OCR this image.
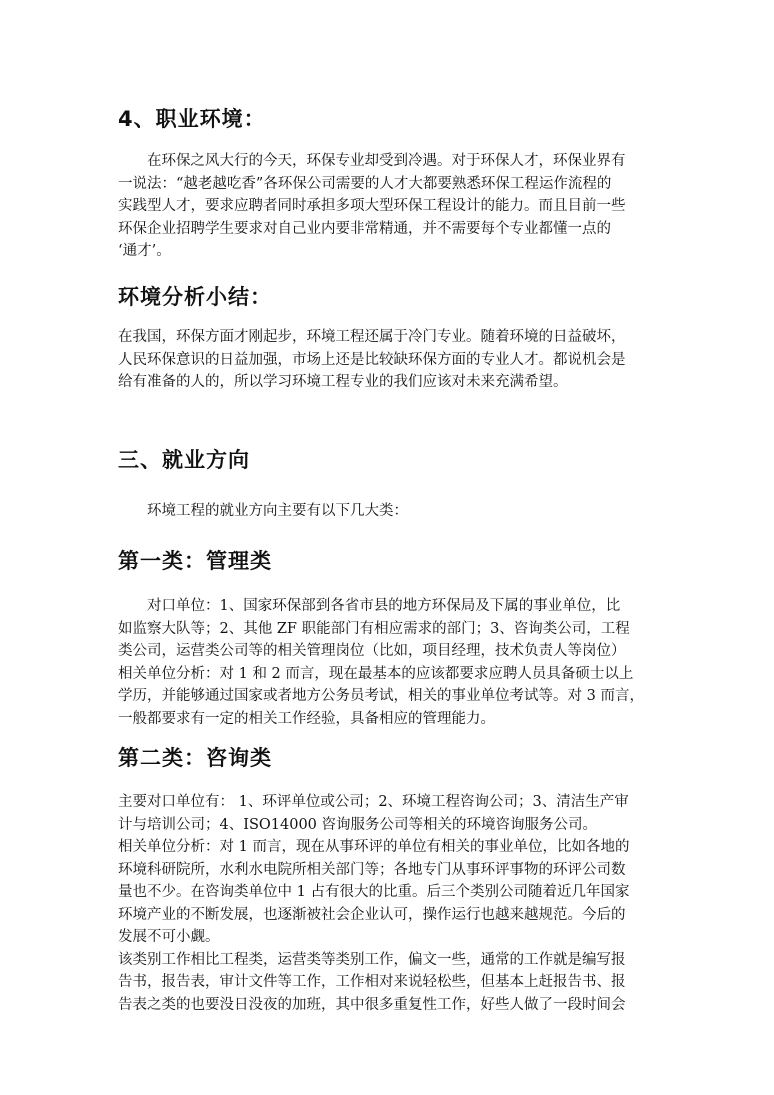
4、职业环境：
在环保之风大行的今天，环保专业却受到冷遇。对于环保人才，环保业界有
一说法：“越老越吃香”各环保公司需要的人才大都要熟悉环保工程运作流程的
实践型人才，要求应聘者同时承担多项大型环保工程设计的能力。而且目前一些
环保企业招聘学生要求对自己业内要非常精通，并不需要每个专业都懂一点的
‘通才’。
环境分析小结：
在我国，环保方面才刚起步，环境工程还属于冷门专业。随着环境的日益破坏，
人民环保意识的日益加强，市场上还是比较缺环保方面的专业人才。都说机会是
给有准备的人的，所以学习环境工程专业的我们应该对未来充满希望。
三、就业方向
环境工程的就业方向主要有以下几大类：
第一类：管理类
对口单位：1、国家环保部到各省市县的地方环保局及下属的事业单位，比
如监察大队等；2、其他 ZF 职能部门有相应需求的部门；3、咨询类公司，工程
类公司，运营类公司等的相关管理岗位（比如，项目经理，技术负责人等岗位）
相关单位分析：对 1 和 2 而言，现在最基本的应该都要求应聘人员具备硕士以上
学历，并能够通过国家或者地方公务员考试，相关的事业单位考试等。对 3 而言，
一般都要求有一定的相关工作经验，具备相应的管理能力。
第二类：咨询类
主要对口单位有： 1、环评单位或公司；2、环境工程咨询公司；3、清洁生产审
计与培训公司；4、ISO14000 咨询服务公司等相关的环境咨询服务公司。
相关单位分析：对 1 而言，现在从事环评的单位有相关的事业单位，比如各地的
环境科研院所，水利水电院所相关部门等；各地专门从事环评事物的环评公司数
量也不少。在咨询类单位中 1 占有很大的比重。后三个类别公司随着近几年国家
环境产业的不断发展，也逐渐被社会企业认可，操作运行也越来越规范。今后的
发展不可小觑。
该类别工作相比工程类，运营类等类别工作，偏文一些，通常的工作就是编写报
告书，报告表，审计文件等工作，工作相对来说轻松些，但基本上赶报告书、报
告表之类的也要没日没夜的加班，其中很多重复性工作，好些人做了一段时间会
